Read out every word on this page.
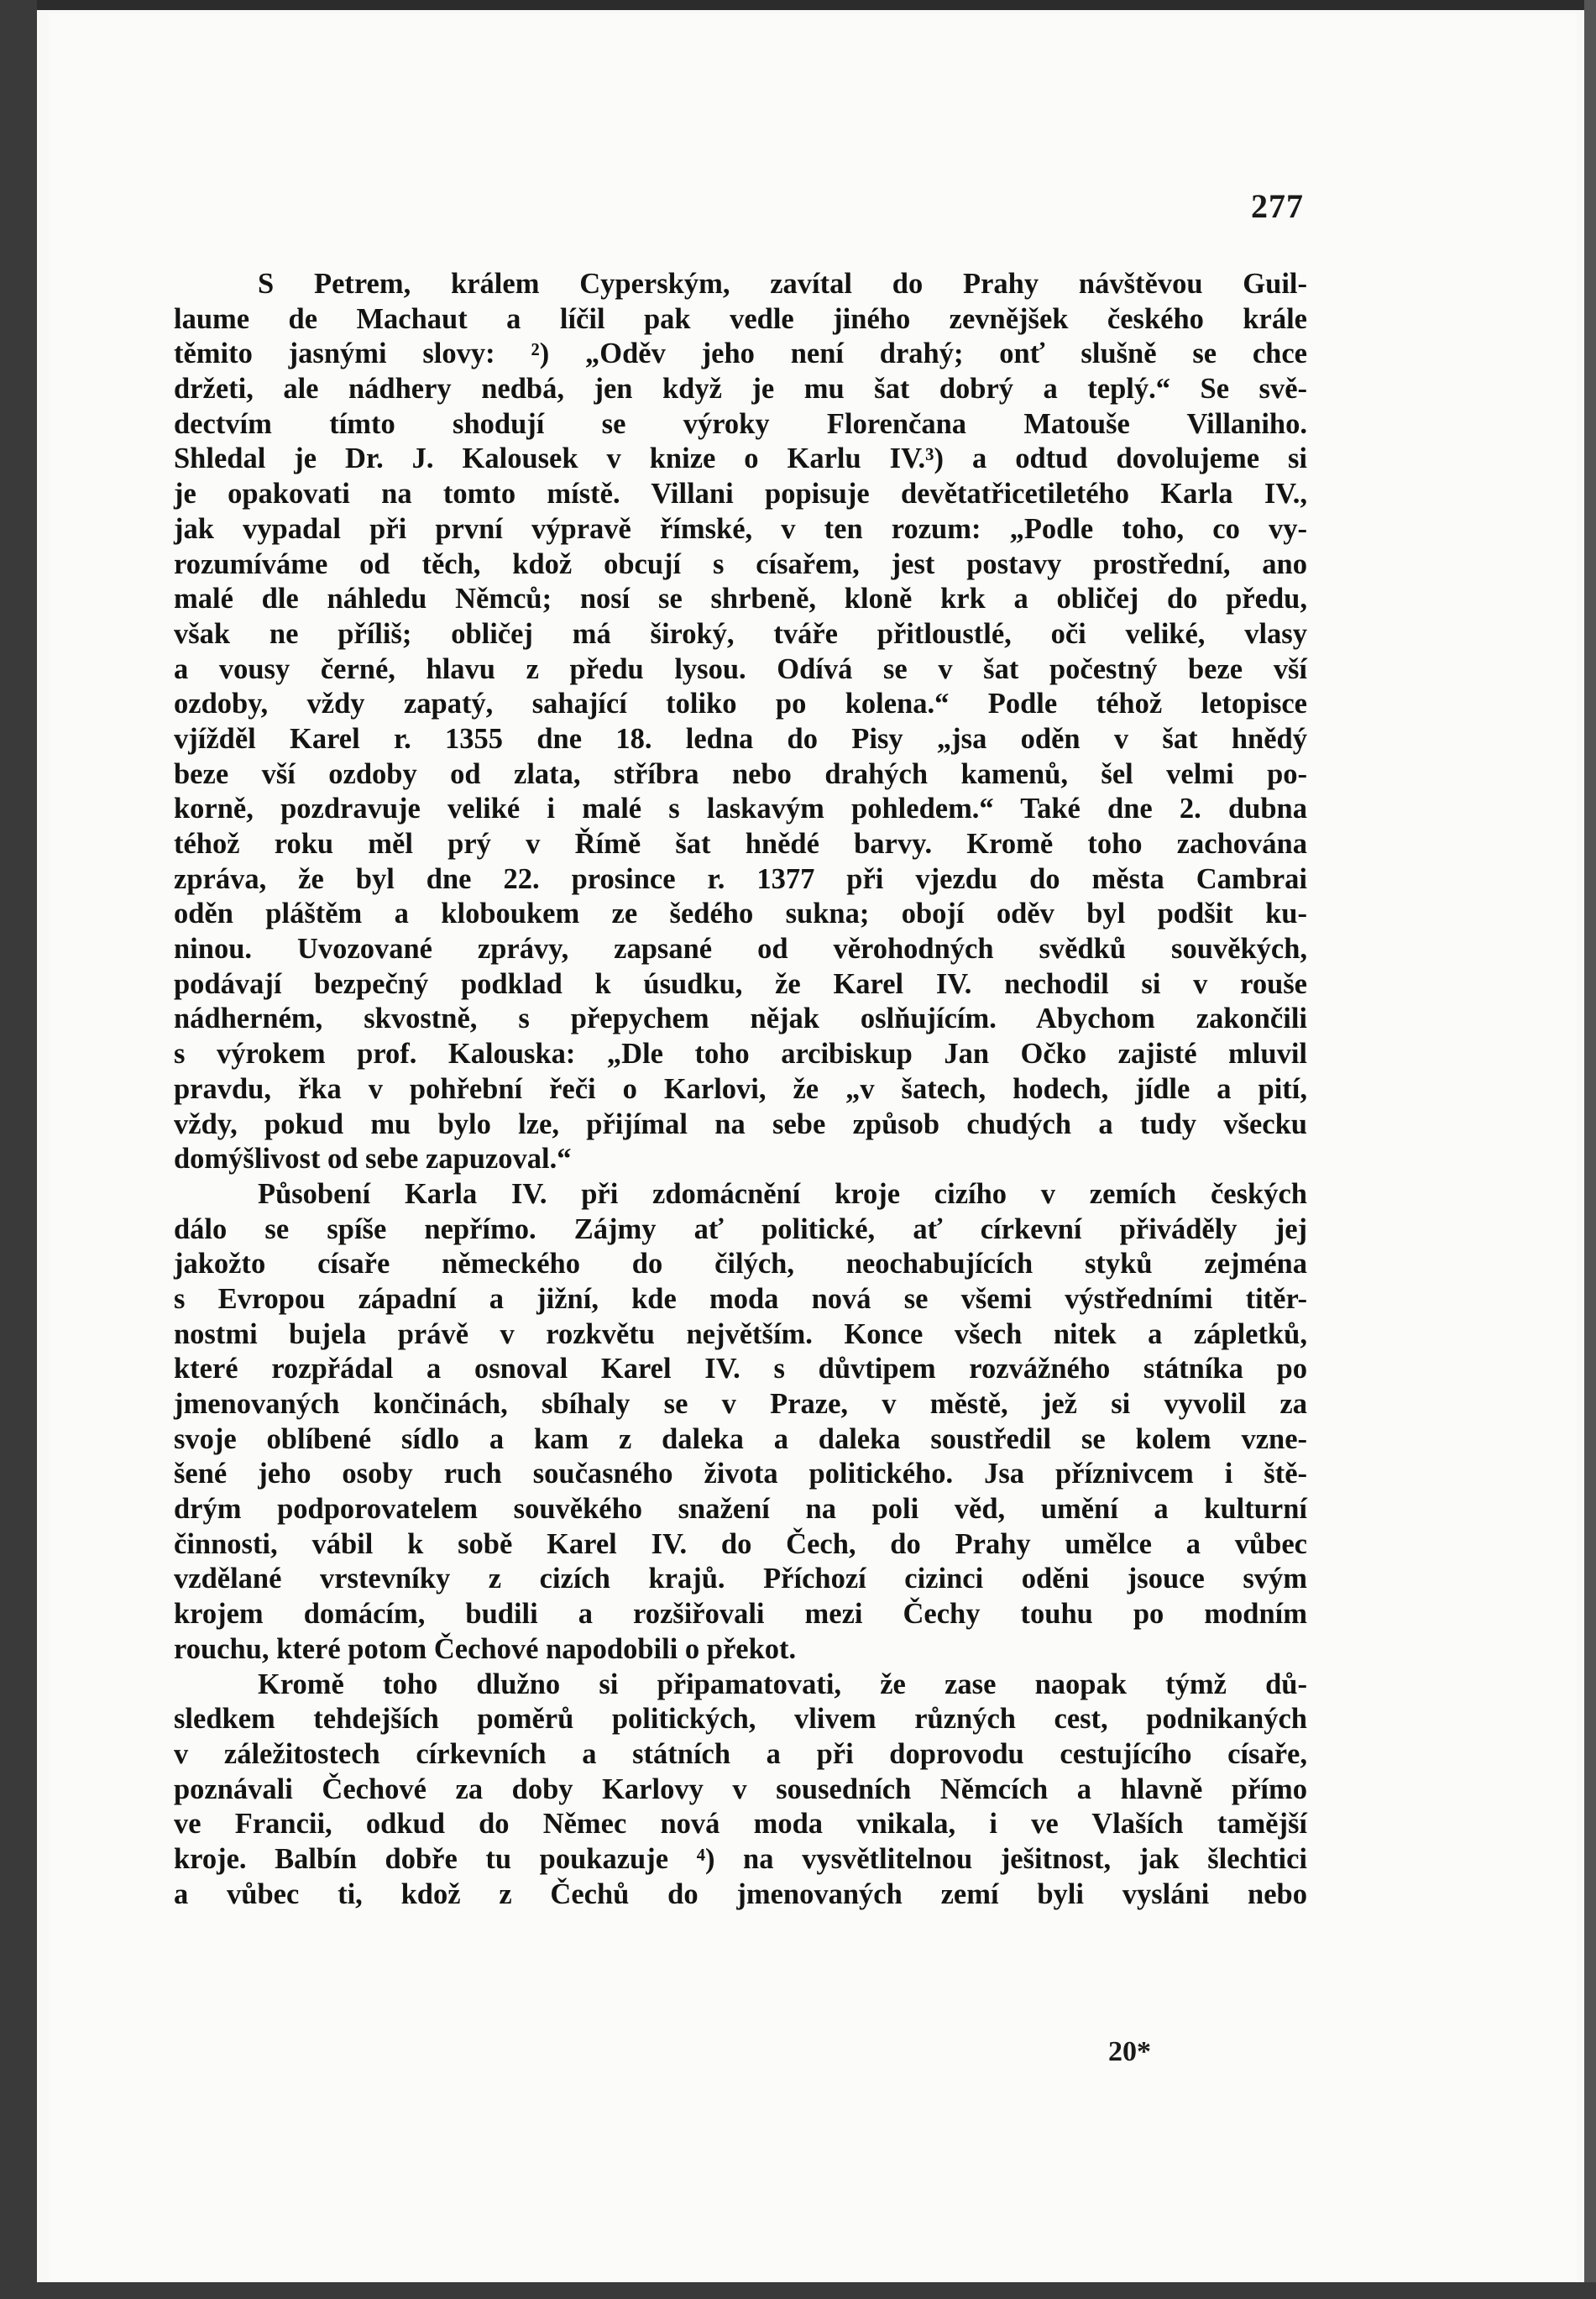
277
S Petrem, králem Cyperským, zavítal do Prahy návštěvou Guil-
laume de Machaut a líčil pak vedle jiného zevnějšek českého krále
těmito jasnými slovy: ²) „Oděv jeho není drahý; onť slušně se chce
držeti, ale nádhery nedbá, jen když je mu šat dobrý a teplý.“ Se svě-
dectvím tímto shodují se výroky Florenčana Matouše Villaniho.
Shledal je Dr. J. Kalousek v knize o Karlu IV.³) a odtud dovolujeme si
je opakovati na tomto místě. Villani popisuje devětatřicetiletého Karla IV.,
jak vypadal při první výpravě římské, v ten rozum: „Podle toho, co vy-
rozumíváme od těch, kdož obcují s císařem, jest postavy prostřední, ano
malé dle náhledu Němců; nosí se shrbeně, kloně krk a obličej do předu,
však ne příliš; obličej má široký, tváře přitloustlé, oči veliké, vlasy
a vousy černé, hlavu z předu lysou. Odívá se v šat počestný beze vší
ozdoby, vždy zapatý, sahající toliko po kolena.“ Podle téhož letopisce
vjížděl Karel r. 1355 dne 18. ledna do Pisy „jsa oděn v šat hnědý
beze vší ozdoby od zlata, stříbra nebo drahých kamenů, šel velmi po-
korně, pozdravuje veliké i malé s laskavým pohledem.“ Také dne 2. dubna
téhož roku měl prý v Římě šat hnědé barvy. Kromě toho zachována
zpráva, že byl dne 22. prosince r. 1377 při vjezdu do města Cambrai
oděn pláštěm a kloboukem ze šedého sukna; obojí oděv byl podšit ku-
ninou. Uvozované zprávy, zapsané od věrohodných svědků souvěkých,
podávají bezpečný podklad k úsudku, že Karel IV. nechodil si v rouše
nádherném, skvostně, s přepychem nějak oslňujícím. Abychom zakončili
s výrokem prof. Kalouska: „Dle toho arcibiskup Jan Očko zajisté mluvil
pravdu, řka v pohřební řeči o Karlovi, že „v šatech, hodech, jídle a pití,
vždy, pokud mu bylo lze, přijímal na sebe způsob chudých a tudy všecku
domýšlivost od sebe zapuzoval.“
Působení Karla IV. při zdomácnění kroje cizího v zemích českých
dálo se spíše nepřímo. Zájmy ať politické, ať církevní přiváděly jej
jakožto císaře německého do čilých, neochabujících styků zejména
s Evropou západní a jižní, kde moda nová se všemi výstředními titěr-
nostmi bujela právě v rozkvětu největším. Konce všech nitek a zápletků,
které rozpřádal a osnoval Karel IV. s důvtipem rozvážného státníka po
jmenovaných končinách, sbíhaly se v Praze, v městě, jež si vyvolil za
svoje oblíbené sídlo a kam z daleka a daleka soustředil se kolem vzne-
šené jeho osoby ruch současného života politického. Jsa příznivcem i ště-
drým podporovatelem souvěkého snažení na poli věd, umění a kulturní
činnosti, vábil k sobě Karel IV. do Čech, do Prahy umělce a vůbec
vzdělané vrstevníky z cizích krajů. Příchozí cizinci oděni jsouce svým
krojem domácím, budili a rozšiřovali mezi Čechy touhu po modním
rouchu, které potom Čechové napodobili o překot.
Kromě toho dlužno si připamatovati, že zase naopak týmž dů-
sledkem tehdejších poměrů politických, vlivem různých cest, podnikaných
v záležitostech církevních a státních a při doprovodu cestujícího císaře,
poznávali Čechové za doby Karlovy v sousedních Němcích a hlavně přímo
ve Francii, odkud do Němec nová moda vnikala, i ve Vlaších tamější
kroje. Balbín dobře tu poukazuje ⁴) na vysvětlitelnou ješitnost, jak šlechtici
a vůbec ti, kdož z Čechů do jmenovaných zemí byli vysláni nebo
20*
